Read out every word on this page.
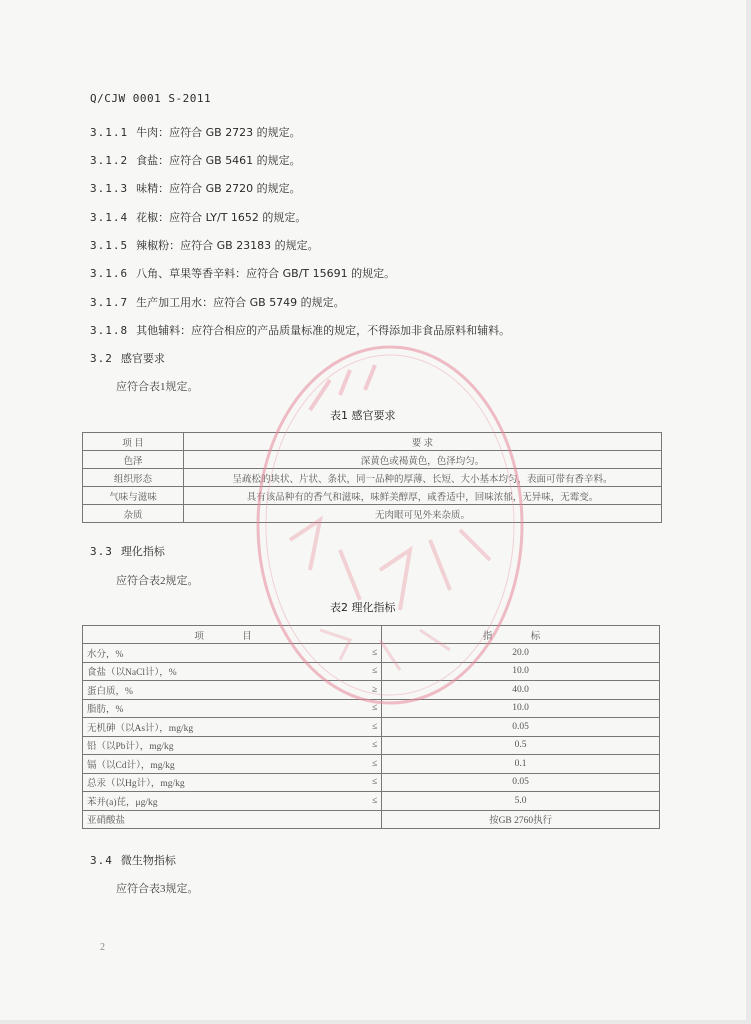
Q/CJW 0001 S-2011
3.1.1 牛肉：应符合 GB 2723 的规定。
3.1.2 食盐：应符合 GB 5461 的规定。
3.1.3 味精：应符合 GB 2720 的规定。
3.1.4 花椒：应符合 LY/T 1652 的规定。
3.1.5 辣椒粉：应符合 GB 23183 的规定。
3.1.6 八角、草果等香辛料：应符合 GB/T 15691 的规定。
3.1.7 生产加工用水：应符合 GB 5749 的规定。
3.1.8 其他辅料：应符合相应的产品质量标准的规定，不得添加非食品原料和辅料。
3.2 感官要求
应符合表1规定。
表1 感官要求
项 目	要 求
色泽	深黄色或褐黄色，色泽均匀。
组织形态	呈疏松的块状、片状、条状，同一品种的厚薄、长短、大小基本均匀，表面可带有香辛料。
气味与滋味	具有该品种有的香气和滋味，味鲜美醇厚，咸香适中，回味浓郁，无异味，无霉变。
杂质	无肉眼可见外来杂质。
3.3 理化指标
应符合表2规定。
表2 理化指标
项 目		指 标
水分，%	≤	20.0
食盐（以NaCl计），%	≤	10.0
蛋白质，%	≥	40.0
脂肪，%	≤	10.0
无机砷（以As计），mg/kg	≤	0.05
铅（以Pb计），mg/kg	≤	0.5
镉（以Cd计），mg/kg	≤	0.1
总汞（以Hg计），mg/kg	≤	0.05
苯并(a)芘，μg/kg	≤	5.0
亚硝酸盐		按GB 2760执行
3.4 微生物指标
应符合表3规定。
2
